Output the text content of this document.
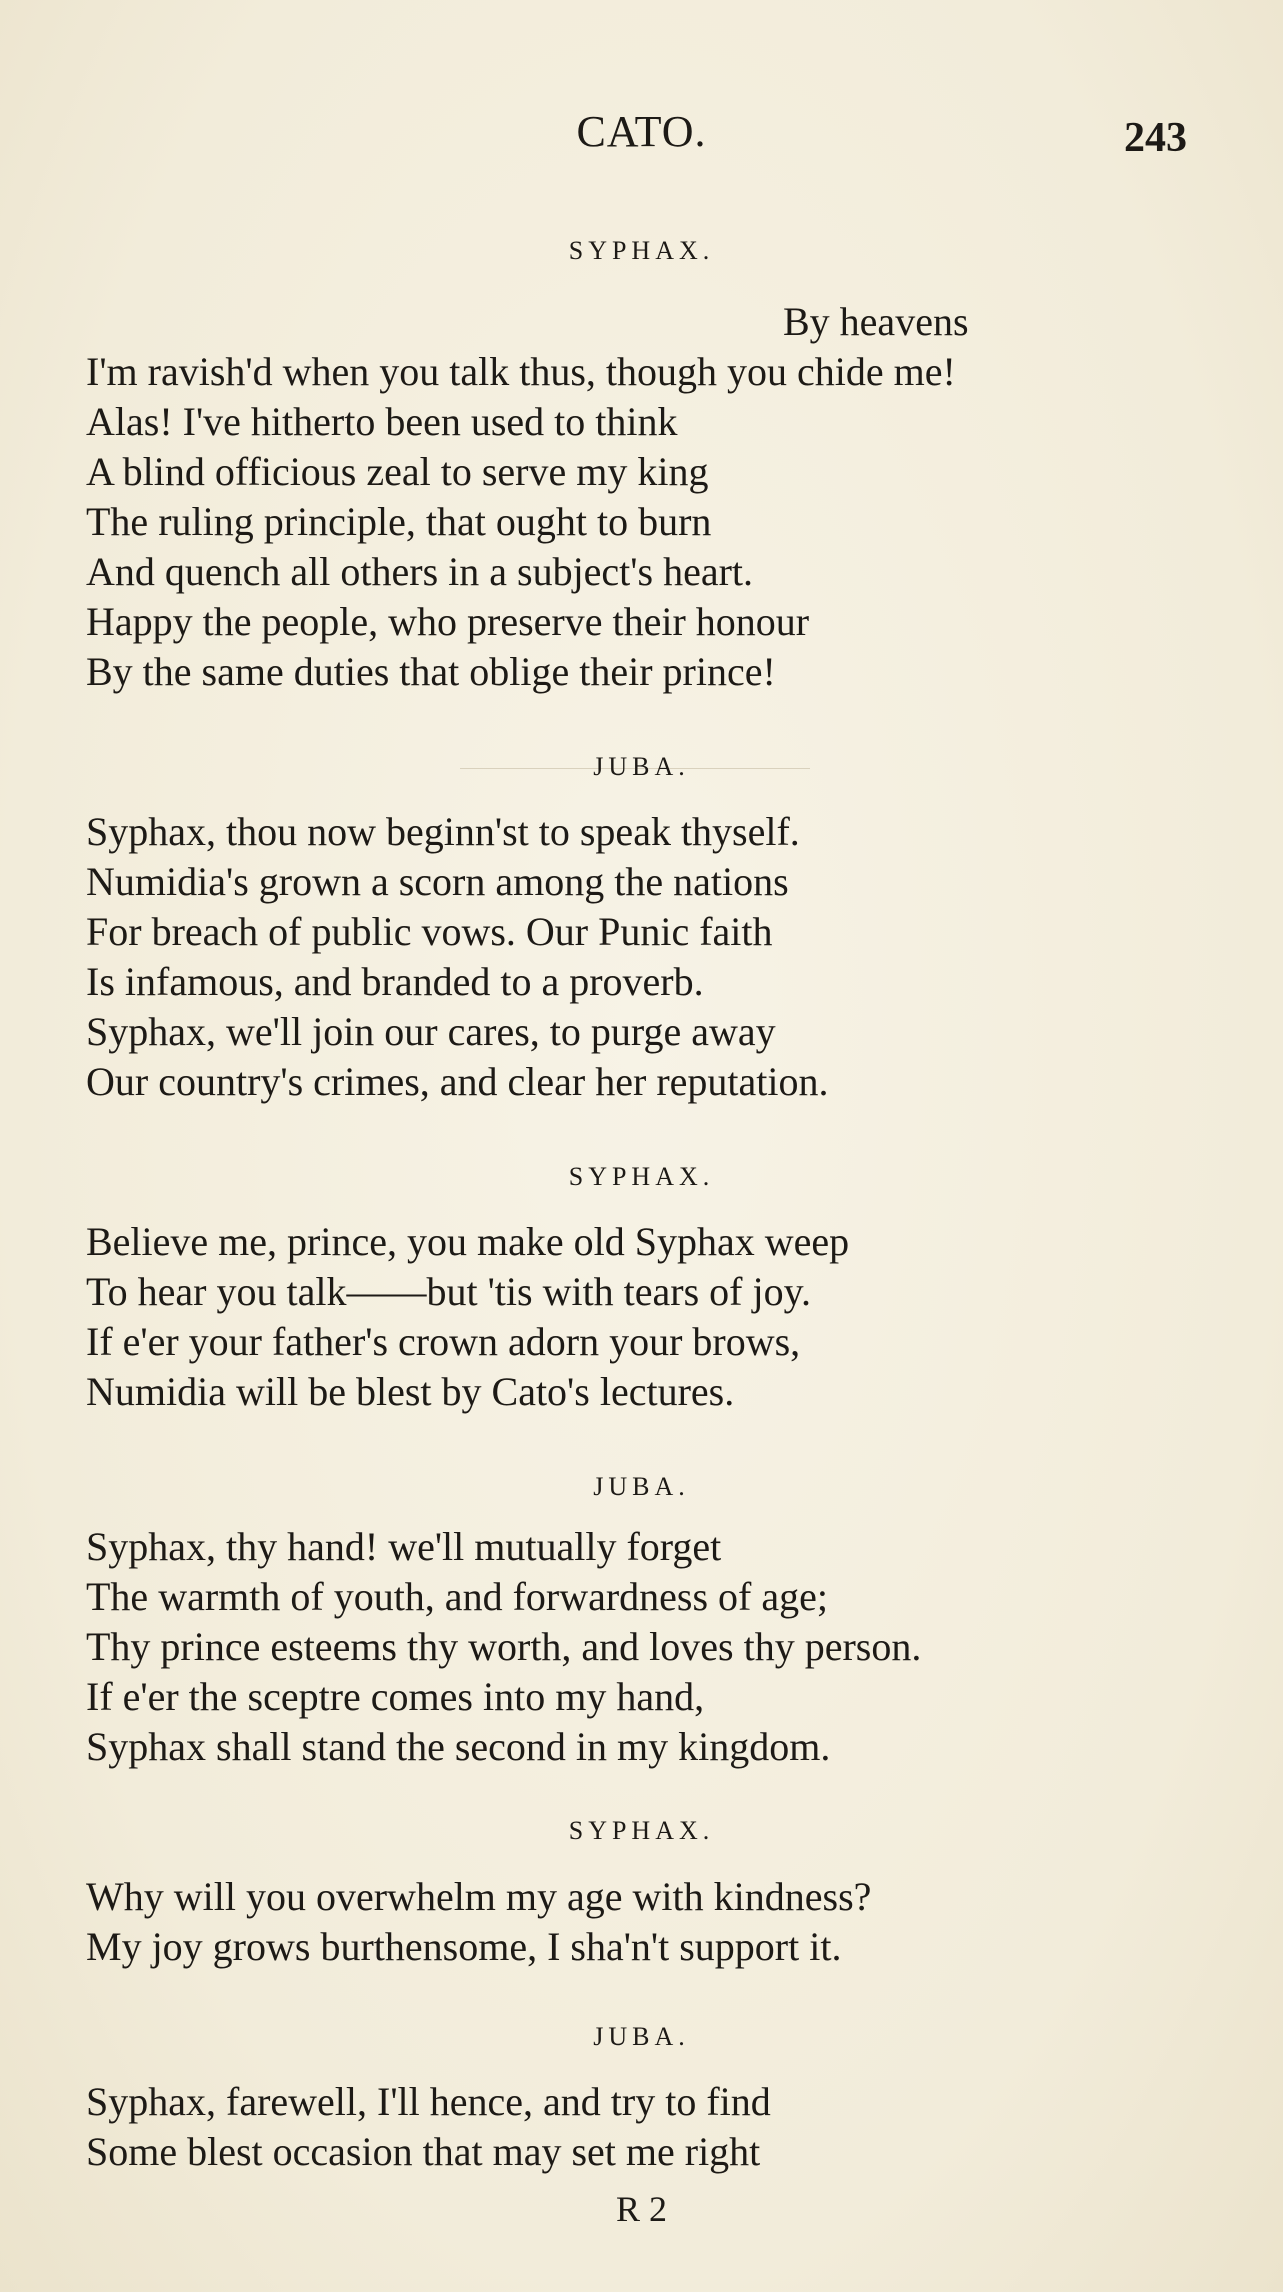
CATO.	243
SYPHAX.
By heavens
I'm ravish'd when you talk thus, though you chide me!
Alas! I've hitherto been used to think
A blind officious zeal to serve my king
The ruling principle, that ought to burn
And quench all others in a subject's heart.
Happy the people, who preserve their honour
By the same duties that oblige their prince!
JUBA.
Syphax, thou now beginn'st to speak thyself.
Numidia's grown a scorn among the nations
For breach of public vows. Our Punic faith
Is infamous, and branded to a proverb.
Syphax, we'll join our cares, to purge away
Our country's crimes, and clear her reputation.
SYPHAX.
Believe me, prince, you make old Syphax weep
To hear you talk——but 'tis with tears of joy.
If e'er your father's crown adorn your brows,
Numidia will be blest by Cato's lectures.
JUBA.
Syphax, thy hand! we'll mutually forget
The warmth of youth, and forwardness of age;
Thy prince esteems thy worth, and loves thy person.
If e'er the sceptre comes into my hand,
Syphax shall stand the second in my kingdom.
SYPHAX.
Why will you overwhelm my age with kindness?
My joy grows burthensome, I sha'n't support it.
JUBA.
Syphax, farewell, I'll hence, and try to find
Some blest occasion that may set me right
R 2
